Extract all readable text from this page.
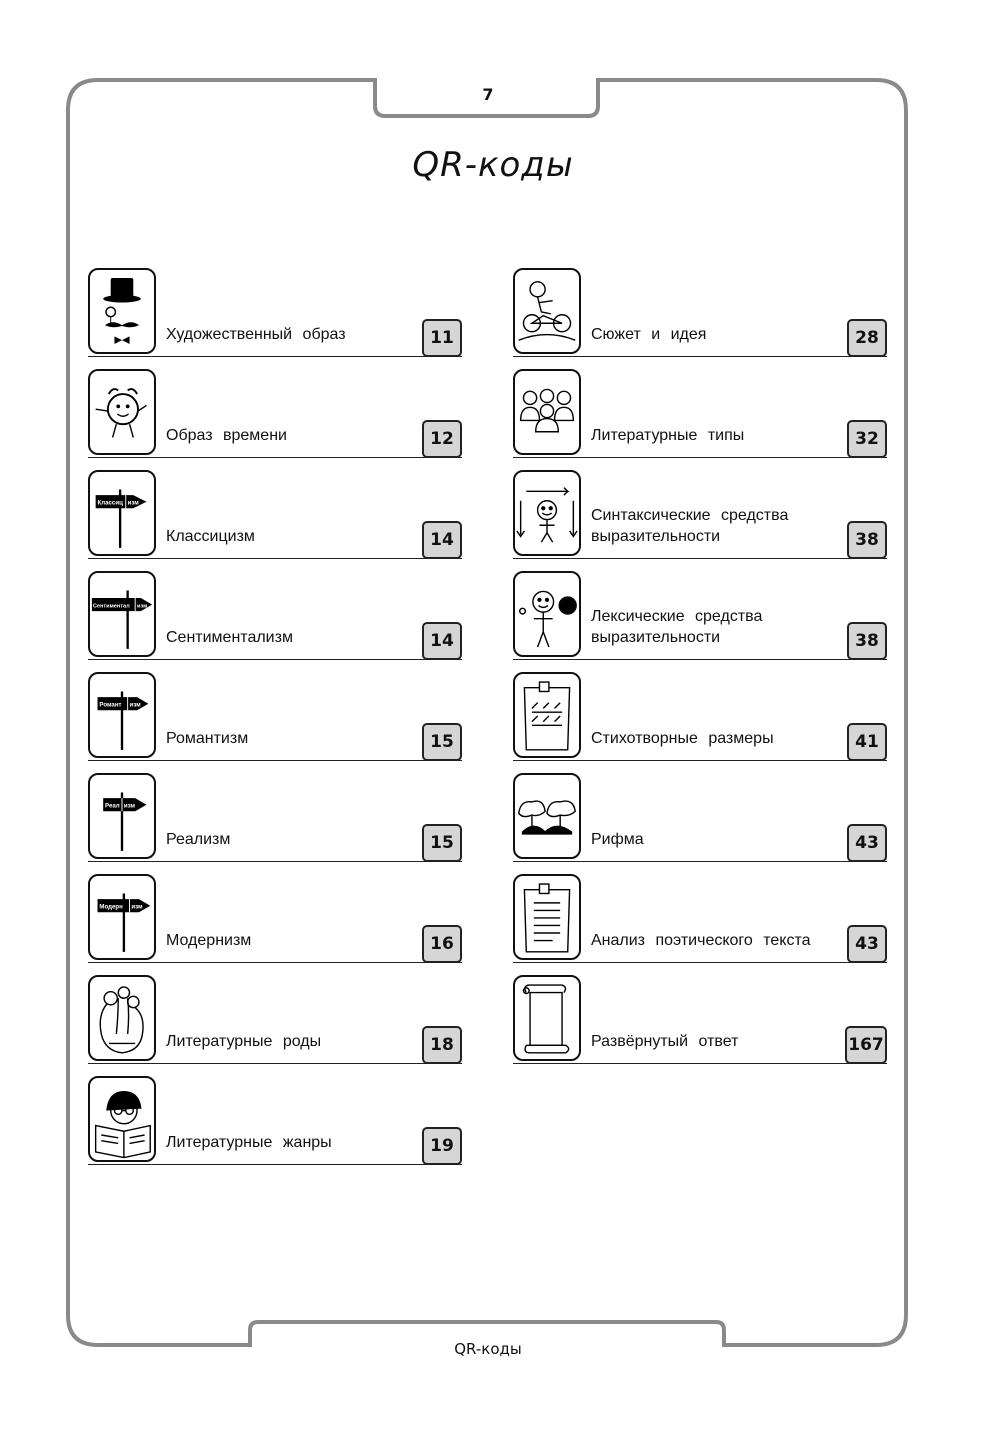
7
QR-коды
Художественный образ	11
Образ времени	12
Классиц изм
Классицизм	14
Сентиментал изм
Сентиментализм	14
Романт изм
Романтизм	15
Реал изм
Реализм	15
Модерн изм
Модернизм	16
Литературные роды	18
Литературные жанры	19
Сюжет и идея	28
Литературные типы	32
Синтаксические средства выразительности	38
Лексические средства выразительности	38
Стихотворные размеры	41
Рифма	43
Анализ поэтического текста	43
Развёрнутый ответ	167
QR-коды
